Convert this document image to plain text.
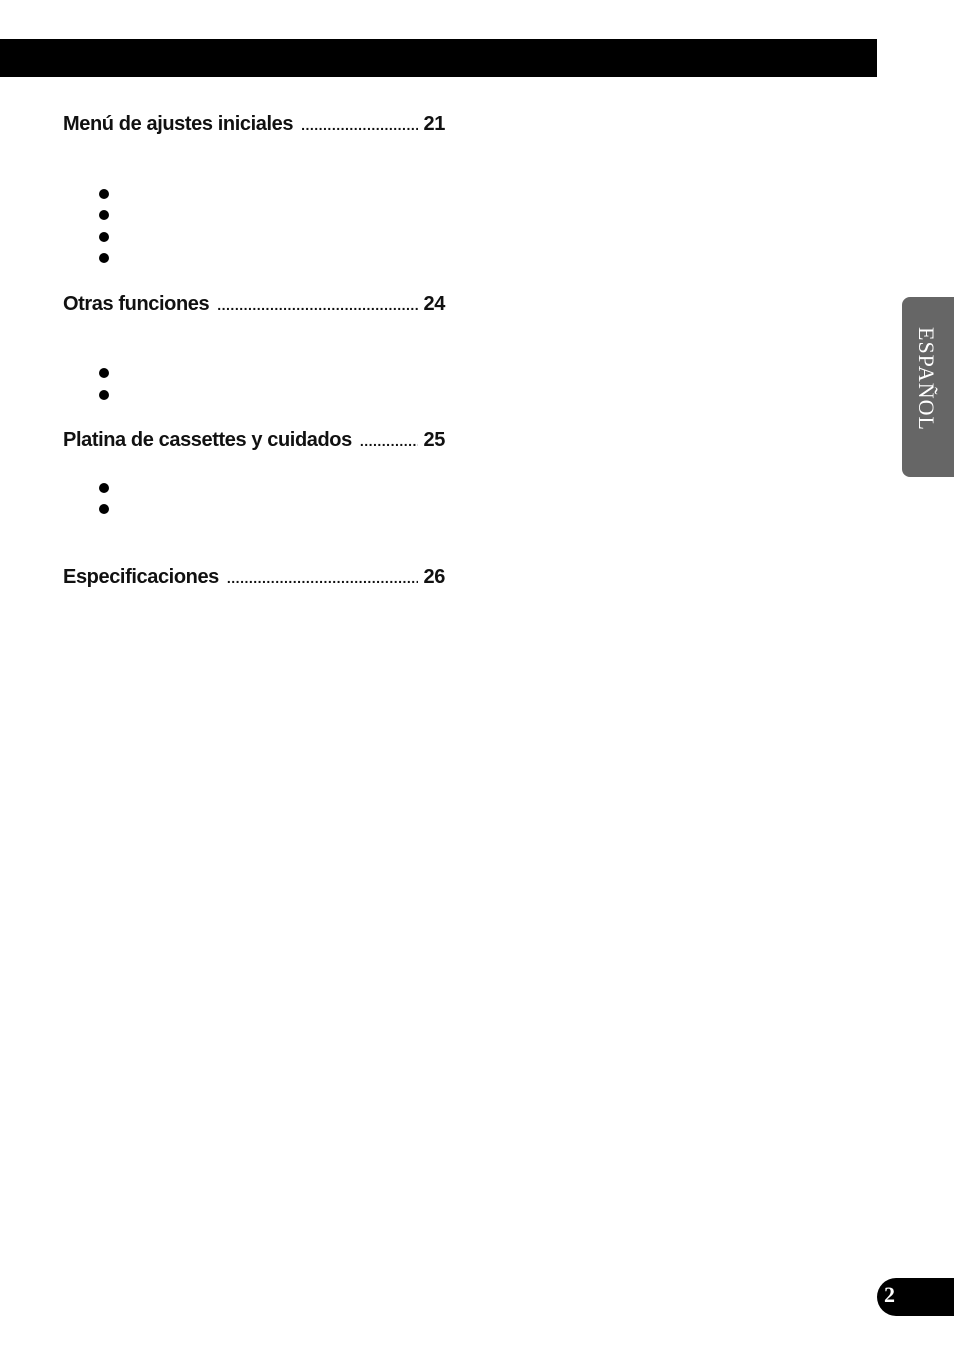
Menú de ajustes iniciales .....	21
Otras funciones .....	24
Platina de cassettes y cuidados .....	25
Especificaciones .....	26
ESPAÑOL
2
